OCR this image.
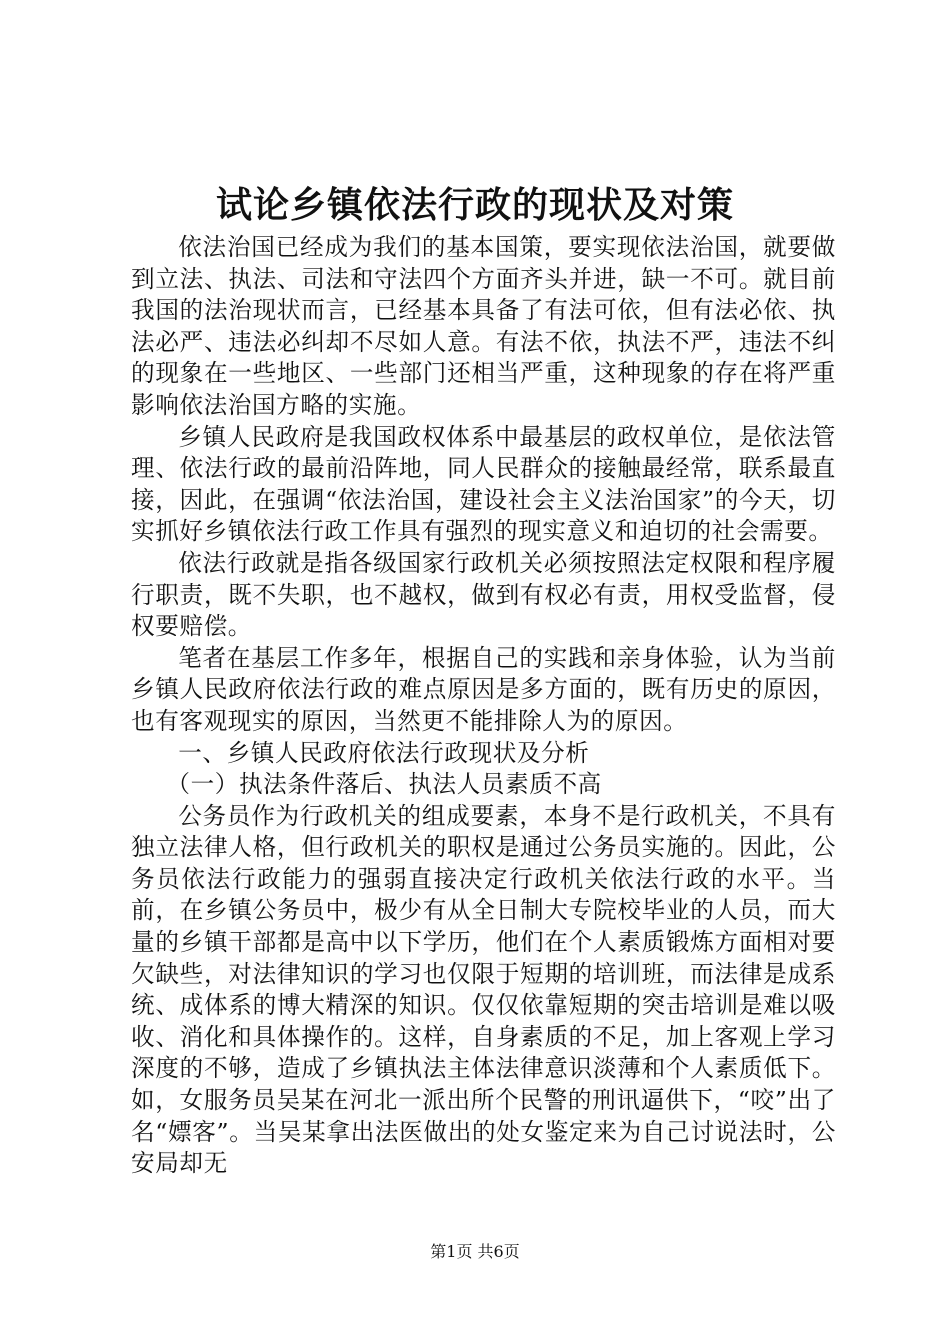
试论乡镇依法行政的现状及对策

依法治国已经成为我们的基本国策，要实现依法治国，就要做到立法、执法、司法和守法四个方面齐头并进，缺一不可。就目前我国的法治现状而言，已经基本具备了有法可依，但有法必依、执法必严、违法必纠却不尽如人意。有法不依，执法不严，违法不纠的现象在一些地区、一些部门还相当严重，这种现象的存在将严重影响依法治国方略的实施。

乡镇人民政府是我国政权体系中最基层的政权单位，是依法管理、依法行政的最前沿阵地，同人民群众的接触最经常，联系最直接，因此，在强调“依法治国，建设社会主义法治国家”的今天，切实抓好乡镇依法行政工作具有强烈的现实意义和迫切的社会需要。

依法行政就是指各级国家行政机关必须按照法定权限和程序履行职责，既不失职，也不越权，做到有权必有责，用权受监督，侵权要赔偿。

笔者在基层工作多年，根据自己的实践和亲身体验，认为当前乡镇人民政府依法行政的难点原因是多方面的，既有历史的原因，也有客观现实的原因，当然更不能排除人为的原因。

一、乡镇人民政府依法行政现状及分析

（一）执法条件落后、执法人员素质不高

公务员作为行政机关的组成要素，本身不是行政机关，不具有独立法律人格，但行政机关的职权是通过公务员实施的。因此，公务员依法行政能力的强弱直接决定行政机关依法行政的水平。当前，在乡镇公务员中，极少有从全日制大专院校毕业的人员，而大量的乡镇干部都是高中以下学历，他们在个人素质锻炼方面相对要欠缺些，对法律知识的学习也仅限于短期的培训班，而法律是成系统、成体系的博大精深的知识。仅仅依靠短期的突击培训是难以吸收、消化和具体操作的。这样，自身素质的不足，加上客观上学习深度的不够，造成了乡镇执法主体法律意识淡薄和个人素质低下。如，女服务员吴某在河北一派出所个民警的刑讯逼供下，“咬”出了名“嫖客”。当吴某拿出法医做出的处女鉴定来为自己讨说法时，公安局却无

第1页 共6页
